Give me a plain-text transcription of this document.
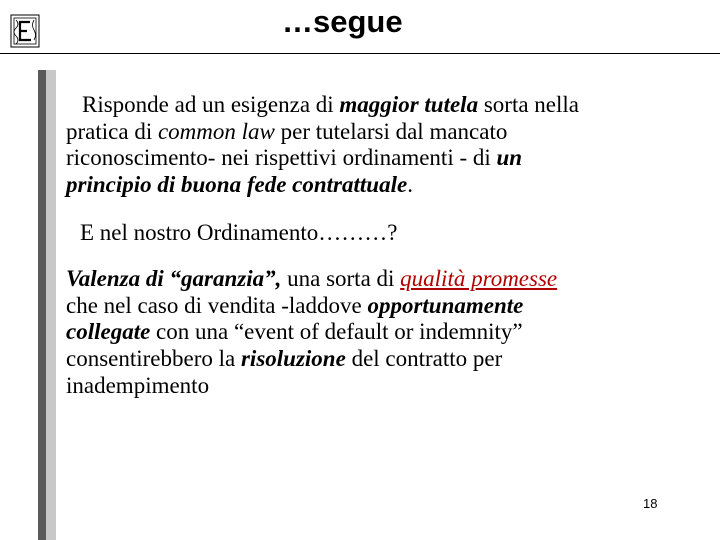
…segue
Risponde ad un esigenza di maggior tutela sorta nella
pratica di common law per tutelarsi dal mancato
riconoscimento- nei rispettivi ordinamenti - di un
principio di buona fede contrattuale.
E nel nostro Ordinamento………?
Valenza di “garanzia”, una sorta di qualità promesse
che nel caso di vendita -laddove opportunamente
collegate con una “event of default or indemnity”
consentirebbero la risoluzione del contratto per
inadempimento
18
